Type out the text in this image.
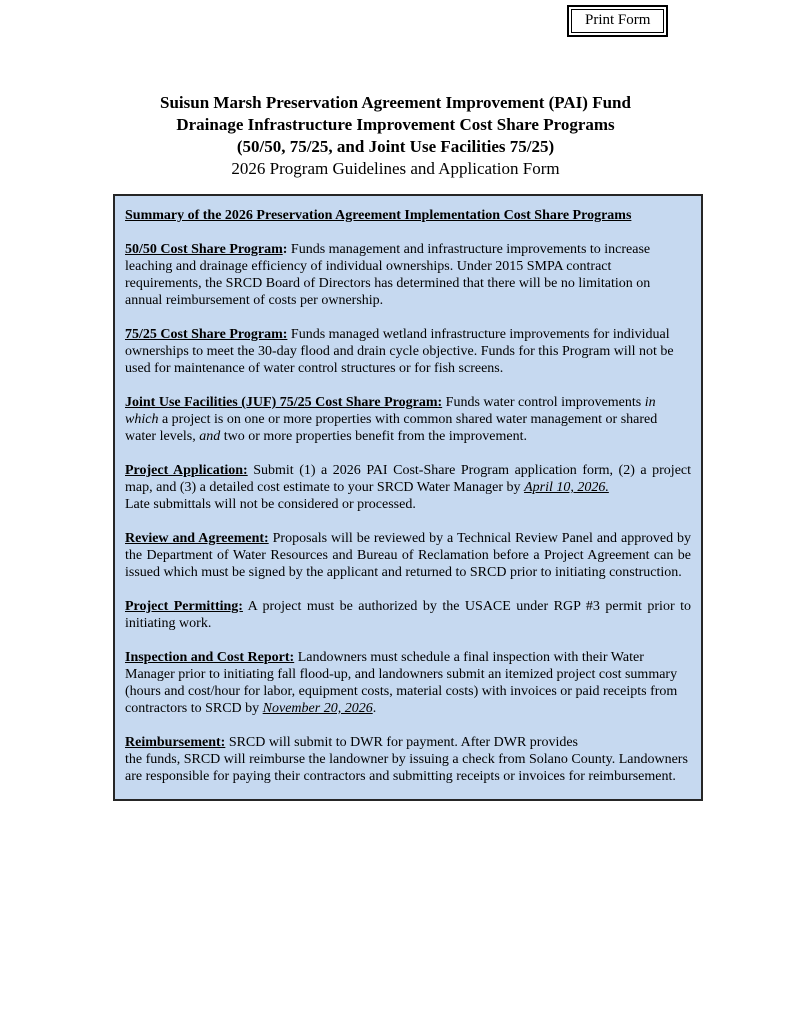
Print Form
Suisun Marsh Preservation Agreement Improvement (PAI) Fund
Drainage Infrastructure Improvement Cost Share Programs
(50/50, 75/25, and Joint Use Facilities 75/25)
2026 Program Guidelines and Application Form
Summary of the 2026 Preservation Agreement Implementation Cost Share Programs

50/50 Cost Share Program: Funds management and infrastructure improvements to increase leaching and drainage efficiency of individual ownerships. Under 2015 SMPA contract requirements, the SRCD Board of Directors has determined that there will be no limitation on annual reimbursement of costs per ownership.

75/25 Cost Share Program: Funds managed wetland infrastructure improvements for individual ownerships to meet the 30-day flood and drain cycle objective. Funds for this Program will not be used for maintenance of water control structures or for fish screens.

Joint Use Facilities (JUF) 75/25 Cost Share Program: Funds water control improvements in which a project is on one or more properties with common shared water management or shared water levels, and two or more properties benefit from the improvement.

Project Application: Submit (1) a 2026 PAI Cost-Share Program application form, (2) a project map, and (3) a detailed cost estimate to your SRCD Water Manager by April 10, 2026.
Late submittals will not be considered or processed.

Review and Agreement: Proposals will be reviewed by a Technical Review Panel and approved by the Department of Water Resources and Bureau of Reclamation before a Project Agreement can be issued which must be signed by the applicant and returned to SRCD prior to initiating construction.

Project Permitting: A project must be authorized by the USACE under RGP #3 permit prior to initiating work.

Inspection and Cost Report: Landowners must schedule a final inspection with their Water Manager prior to initiating fall flood-up, and landowners submit an itemized project cost summary (hours and cost/hour for labor, equipment costs, material costs) with invoices or paid receipts from contractors to SRCD by November 20, 2026.

Reimbursement: SRCD will submit to DWR for payment. After DWR provides
the funds, SRCD will reimburse the landowner by issuing a check from Solano County. Landowners are responsible for paying their contractors and submitting receipts or invoices for reimbursement.
